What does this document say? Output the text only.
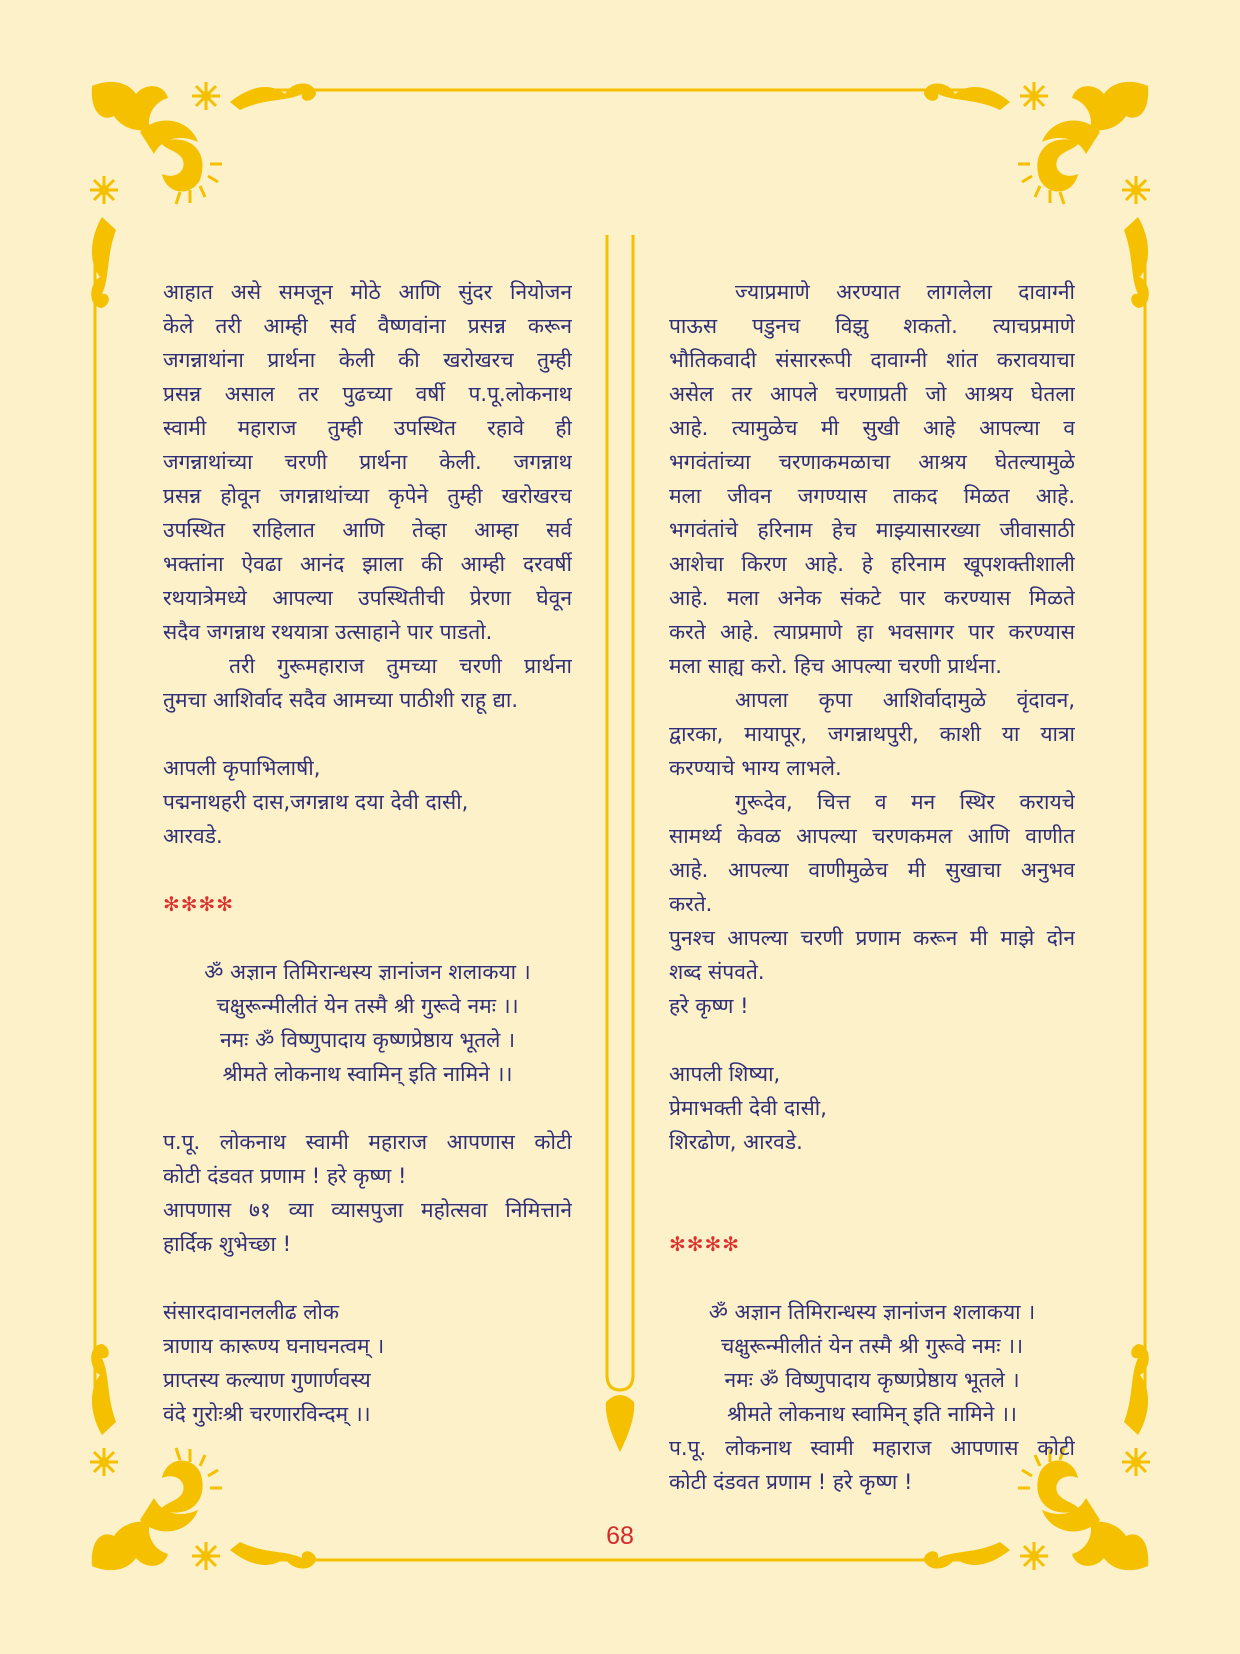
आहात असे समजून मोठे आणि सुंदर नियोजन
केले तरी आम्ही सर्व वैष्णवांना प्रसन्न करून
जगन्नाथांना प्रार्थना केली की खरोखरच तुम्ही
प्रसन्न असाल तर पुढच्या वर्षी प.पू.लोकनाथ
स्वामी महाराज तुम्ही उपस्थित रहावे ही
जगन्नाथांच्या चरणी प्रार्थना केली. जगन्नाथ
प्रसन्न होवून जगन्नाथांच्या कृपेने तुम्ही खरोखरच
उपस्थित राहिलात आणि तेव्हा आम्हा सर्व
भक्तांना ऐवढा आनंद झाला की आम्ही दरवर्षी
रथयात्रेमध्ये आपल्या उपस्थितीची प्रेरणा घेवून
सदैव जगन्नाथ रथयात्रा उत्साहाने पार पाडतो.
तरी गुरूमहाराज तुमच्या चरणी प्रार्थना
तुमचा आशिर्वाद सदैव आमच्या पाठीशी राहू द्या.
आपली कृपाभिलाषी,
पद्मनाथहरी दास,जगन्नाथ दया देवी दासी,
आरवडे.
✻✻✻✻
ॐ अज्ञान तिमिरान्धस्य ज्ञानांजन शलाकया ।
चक्षुरून्मीलीतं येन तस्मै श्री गुरूवे नमः ।।
नमः ॐ विष्णुपादाय कृष्णप्रेष्ठाय भूतले ।
श्रीमते लोकनाथ स्वामिन् इति नामिने ।।
प.पू. लोकनाथ स्वामी महाराज आपणास कोटी
कोटी दंडवत प्रणाम ! हरे कृष्ण !
आपणास ७१ व्या व्यासपुजा महोत्सवा निमित्ताने
हार्दिक शुभेच्छा !
संसारदावानललीढ लोक
त्राणाय कारूण्य घनाघनत्वम् ।
प्राप्तस्य कल्याण गुणार्णवस्य
वंदे गुरोःश्री चरणारविन्दम् ।।
ज्याप्रमाणे अरण्यात लागलेला दावाग्नी
पाऊस पडुनच विझु शकतो. त्याचप्रमाणे
भौतिकवादी संसाररूपी दावाग्नी शांत करावयाचा
असेल तर आपले चरणाप्रती जो आश्रय घेतला
आहे. त्यामुळेच मी सुखी आहे आपल्या व
भगवंतांच्या चरणाकमळाचा आश्रय घेतल्यामुळे
मला जीवन जगण्यास ताकद मिळत आहे.
भगवंतांचे हरिनाम हेच माझ्यासारख्या जीवासाठी
आशेचा किरण आहे. हे हरिनाम खूपशक्तीशाली
आहे. मला अनेक संकटे पार करण्यास मिळते
करते आहे. त्याप्रमाणे हा भवसागर पार करण्यास
मला साह्य करो. हिच आपल्या चरणी प्रार्थना.
आपला कृपा आशिर्वादामुळे वृंदावन,
द्वारका, मायापूर, जगन्नाथपुरी, काशी या यात्रा
करण्याचे भाग्य लाभले.
गुरूदेव, चित्त व मन स्थिर करायचे
सामर्थ्य केवळ आपल्या चरणकमल आणि वाणीत
आहे. आपल्या वाणीमुळेच मी सुखाचा अनुभव
करते.
पुनश्च आपल्या चरणी प्रणाम करून मी माझे दोन
शब्द संपवते.
हरे कृष्ण !
आपली शिष्या,
प्रेमाभक्ती देवी दासी,
शिरढोण, आरवडे.
✻✻✻✻
ॐ अज्ञान तिमिरान्धस्य ज्ञानांजन शलाकया ।
चक्षुरून्मीलीतं येन तस्मै श्री गुरूवे नमः ।।
नमः ॐ विष्णुपादाय कृष्णप्रेष्ठाय भूतले ।
श्रीमते लोकनाथ स्वामिन् इति नामिने ।।
प.पू. लोकनाथ स्वामी महाराज आपणास कोटी
कोटी दंडवत प्रणाम ! हरे कृष्ण !
68
